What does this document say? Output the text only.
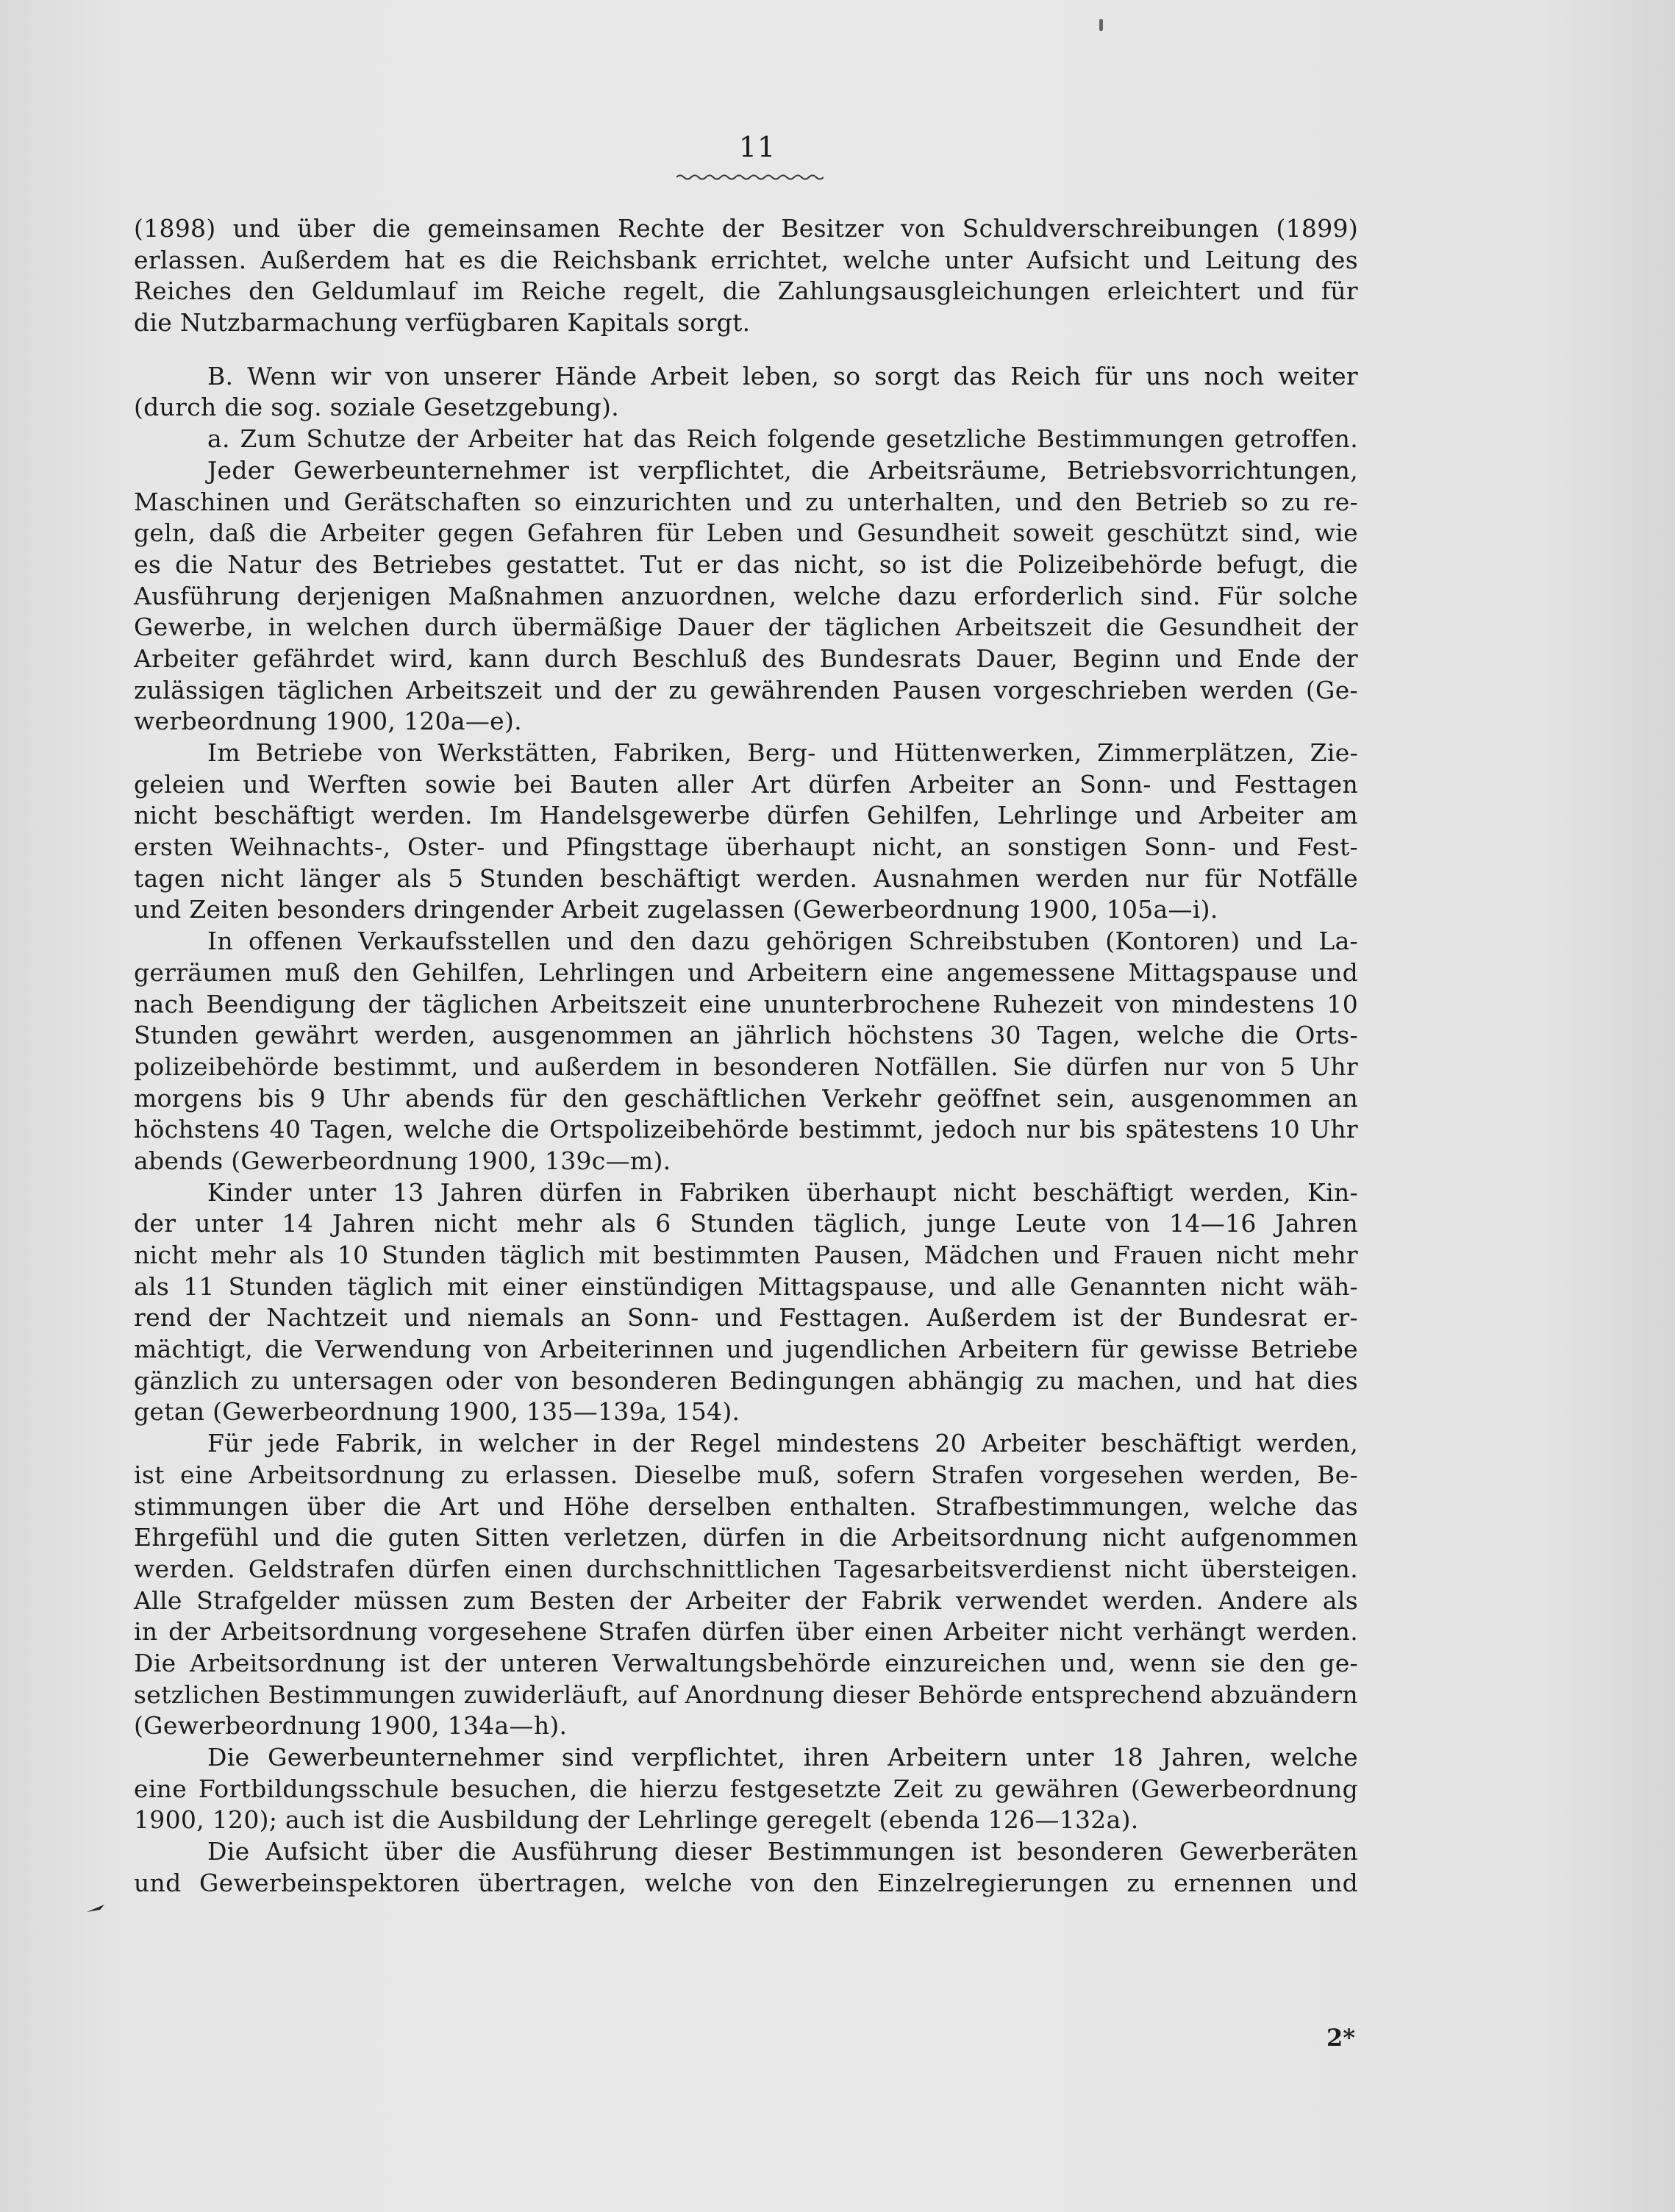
11
(1898) und über die gemeinsamen Rechte der Besitzer von Schuldverschreibungen (1899)
erlassen. Außerdem hat es die Reichsbank errichtet, welche unter Aufsicht und Leitung des
Reiches den Geldumlauf im Reiche regelt, die Zahlungsausgleichungen erleichtert und für
die Nutzbarmachung verfügbaren Kapitals sorgt.
B. Wenn wir von unserer Hände Arbeit leben, so sorgt das Reich für uns noch weiter
(durch die sog. soziale Gesetzgebung).
a. Zum Schutze der Arbeiter hat das Reich folgende gesetzliche Bestimmungen getroffen.
Jeder Gewerbeunternehmer ist verpflichtet, die Arbeitsräume, Betriebsvorrichtungen,
Maschinen und Gerätschaften so einzurichten und zu unterhalten, und den Betrieb so zu re-
geln, daß die Arbeiter gegen Gefahren für Leben und Gesundheit soweit geschützt sind, wie
es die Natur des Betriebes gestattet. Tut er das nicht, so ist die Polizeibehörde befugt, die
Ausführung derjenigen Maßnahmen anzuordnen, welche dazu erforderlich sind. Für solche
Gewerbe, in welchen durch übermäßige Dauer der täglichen Arbeitszeit die Gesundheit der
Arbeiter gefährdet wird, kann durch Beschluß des Bundesrats Dauer, Beginn und Ende der
zulässigen täglichen Arbeitszeit und der zu gewährenden Pausen vorgeschrieben werden (Ge-
werbeordnung 1900, 120a—e).
Im Betriebe von Werkstätten, Fabriken, Berg- und Hüttenwerken, Zimmerplätzen, Zie-
geleien und Werften sowie bei Bauten aller Art dürfen Arbeiter an Sonn- und Festtagen
nicht beschäftigt werden. Im Handelsgewerbe dürfen Gehilfen, Lehrlinge und Arbeiter am
ersten Weihnachts-, Oster- und Pfingsttage überhaupt nicht, an sonstigen Sonn- und Fest-
tagen nicht länger als 5 Stunden beschäftigt werden. Ausnahmen werden nur für Notfälle
und Zeiten besonders dringender Arbeit zugelassen (Gewerbeordnung 1900, 105a—i).
In offenen Verkaufsstellen und den dazu gehörigen Schreibstuben (Kontoren) und La-
gerräumen muß den Gehilfen, Lehrlingen und Arbeitern eine angemessene Mittagspause und
nach Beendigung der täglichen Arbeitszeit eine ununterbrochene Ruhezeit von mindestens 10
Stunden gewährt werden, ausgenommen an jährlich höchstens 30 Tagen, welche die Orts-
polizeibehörde bestimmt, und außerdem in besonderen Notfällen. Sie dürfen nur von 5 Uhr
morgens bis 9 Uhr abends für den geschäftlichen Verkehr geöffnet sein, ausgenommen an
höchstens 40 Tagen, welche die Ortspolizeibehörde bestimmt, jedoch nur bis spätestens 10 Uhr
abends (Gewerbeordnung 1900, 139c—m).
Kinder unter 13 Jahren dürfen in Fabriken überhaupt nicht beschäftigt werden, Kin-
der unter 14 Jahren nicht mehr als 6 Stunden täglich, junge Leute von 14—16 Jahren
nicht mehr als 10 Stunden täglich mit bestimmten Pausen, Mädchen und Frauen nicht mehr
als 11 Stunden täglich mit einer einstündigen Mittagspause, und alle Genannten nicht wäh-
rend der Nachtzeit und niemals an Sonn- und Festtagen. Außerdem ist der Bundesrat er-
mächtigt, die Verwendung von Arbeiterinnen und jugendlichen Arbeitern für gewisse Betriebe
gänzlich zu untersagen oder von besonderen Bedingungen abhängig zu machen, und hat dies
getan (Gewerbeordnung 1900, 135—139a, 154).
Für jede Fabrik, in welcher in der Regel mindestens 20 Arbeiter beschäftigt werden,
ist eine Arbeitsordnung zu erlassen. Dieselbe muß, sofern Strafen vorgesehen werden, Be-
stimmungen über die Art und Höhe derselben enthalten. Strafbestimmungen, welche das
Ehrgefühl und die guten Sitten verletzen, dürfen in die Arbeitsordnung nicht aufgenommen
werden. Geldstrafen dürfen einen durchschnittlichen Tagesarbeitsverdienst nicht übersteigen.
Alle Strafgelder müssen zum Besten der Arbeiter der Fabrik verwendet werden. Andere als
in der Arbeitsordnung vorgesehene Strafen dürfen über einen Arbeiter nicht verhängt werden.
Die Arbeitsordnung ist der unteren Verwaltungsbehörde einzureichen und, wenn sie den ge-
setzlichen Bestimmungen zuwiderläuft, auf Anordnung dieser Behörde entsprechend abzuändern
(Gewerbeordnung 1900, 134a—h).
Die Gewerbeunternehmer sind verpflichtet, ihren Arbeitern unter 18 Jahren, welche
eine Fortbildungsschule besuchen, die hierzu festgesetzte Zeit zu gewähren (Gewerbeordnung
1900, 120); auch ist die Ausbildung der Lehrlinge geregelt (ebenda 126—132a).
Die Aufsicht über die Ausführung dieser Bestimmungen ist besonderen Gewerberäten
und Gewerbeinspektoren übertragen, welche von den Einzelregierungen zu ernennen und
2*
